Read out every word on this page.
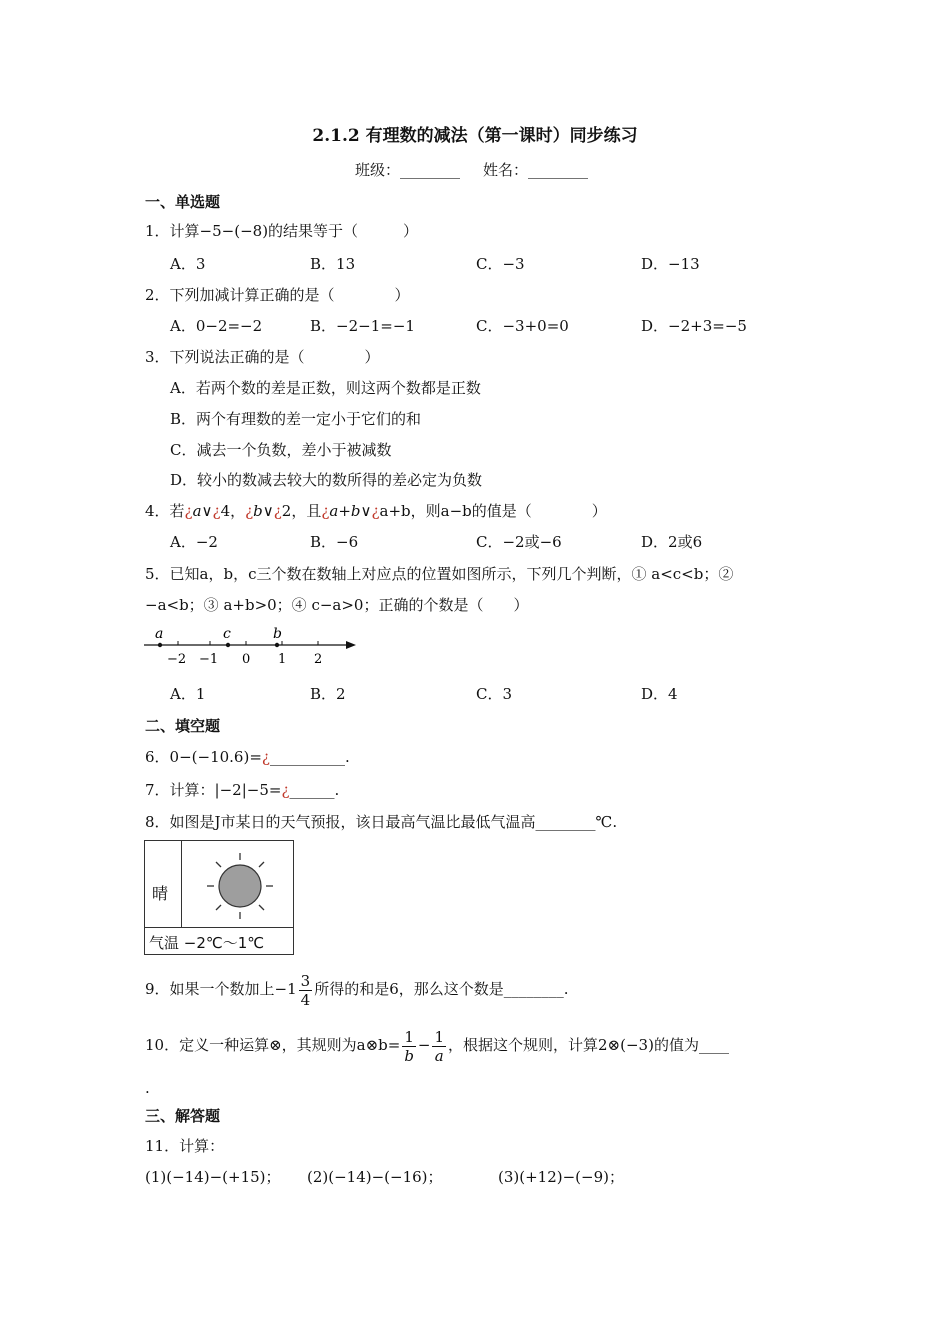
2.1.2 有理数的减法（第一课时）同步练习
班级：________ 姓名：________
一、单选题
1．计算−5−(−8)的结果等于（　　　）
A．3	B．13	C．−3	D．−13
2．下列加减计算正确的是（　　　　）
A．0−2=−2	B．−2−1=−1	C．−3+0=0	D．−2+3=−5
3．下列说法正确的是（　　　　）
A．若两个数的差是正数，则这两个数都是正数
B．两个有理数的差一定小于它们的和
C．减去一个负数，差小于被减数
D．较小的数减去较大的数所得的差必定为负数
4．若¿a∨¿4，¿b∨¿2，且¿a+b∨¿a+b，则a−b的值是（　　　　）
A．−2	B．−6	C．−2或−6	D．2或6
5．已知a，b，c三个数在数轴上对应点的位置如图所示，下列几个判断，① a<c<b；②
−a<b；③ a+b>0；④ c−a>0；正确的个数是（　　）
a	c	b
−2 −1 0 1 2
A．1	B．2	C．3	D．4
二、填空题
6．0−(−10.6)=¿__________.
7．计算：|−2|−5=¿______.
8．如图是J市某日的天气预报，该日最高气温比最低气温高________℃.
晴
气温 −2℃～1℃
9．如果一个数加上$-1 \frac{3}{4}$ 所得的和是6，那么这个数是________.
10．定义一种运算⊗，其规则为a⊗b= $\frac{1}{b} - \frac{1}{a}$ ，根据这个规则，计算2⊗(−3)的值为____
.
三、解答题
11．计算：
(1)(−14)−(+15)； (2)(−14)−(−16)；	(3)(+12)−(−9)；
